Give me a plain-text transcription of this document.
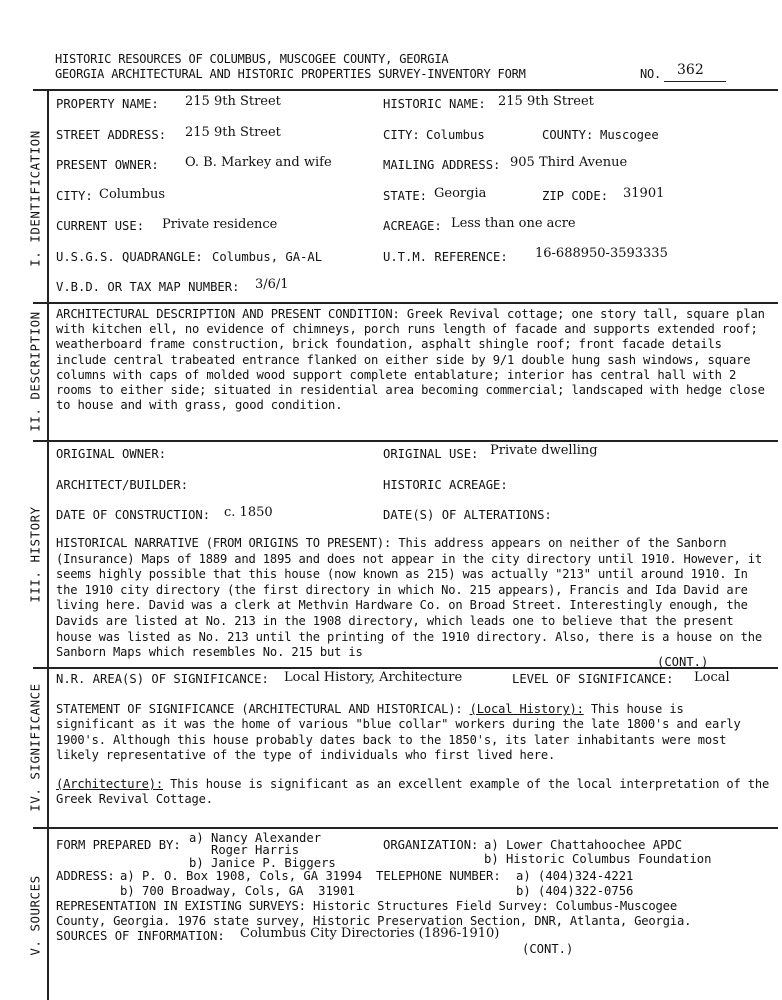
HISTORIC RESOURCES OF COLUMBUS, MUSCOGEE COUNTY, GEORGIA
GEORGIA ARCHITECTURAL AND HISTORIC PROPERTIES SURVEY-INVENTORY FORM	NO. 362
I. IDENTIFICATION
II. DESCRIPTION
III. HISTORY
IV. SIGNIFICANCE
V. SOURCES
PROPERTY NAME: 215 9th Street	HISTORIC NAME: 215 9th Street
STREET ADDRESS: 215 9th Street	CITY: Columbus	COUNTY: Muscogee
PRESENT OWNER: O. B. Markey and wife	MAILING ADDRESS: 905 Third Avenue
CITY: Columbus	STATE: Georgia	ZIP CODE: 31901
CURRENT USE: Private residence	ACREAGE: Less than one acre
U.S.G.S. QUADRANGLE: Columbus, GA-AL	U.T.M. REFERENCE: 16-688950-3593335
V.B.D. OR TAX MAP NUMBER: 3/6/1
ARCHITECTURAL DESCRIPTION AND PRESENT CONDITION: Greek Revival cottage; one story tall, square plan with kitchen ell, no evidence of chimneys, porch runs length of facade and supports extended roof; weatherboard frame construction, brick foundation, asphalt shingle roof; front facade details include central trabeated entrance flanked on either side by 9/1 double hung sash windows, square columns with caps of molded wood support complete entablature; interior has central hall with 2 rooms to either side; situated in residential area becoming commercial; landscaped with hedge close to house and with grass, good condition.
ORIGINAL OWNER:	ORIGINAL USE: Private dwelling
ARCHITECT/BUILDER:	HISTORIC ACREAGE:
DATE OF CONSTRUCTION: c. 1850	DATE(S) OF ALTERATIONS:
HISTORICAL NARRATIVE (FROM ORIGINS TO PRESENT): This address appears on neither of the Sanborn (Insurance) Maps of 1889 and 1895 and does not appear in the city directory until 1910. However, it seems highly possible that this house (now known as 215) was actually "213" until around 1910. In the 1910 city directory (the first directory in which No. 215 appears), Francis and Ida David are living here. David was a clerk at Methvin Hardware Co. on Broad Street. Interestingly enough, the Davids are listed at No. 213 in the 1908 directory, which leads one to believe that the present house was listed as No. 213 until the printing of the 1910 directory. Also, there is a house on the Sanborn Maps which resembles No. 215 but is
(CONT.)
N.R. AREA(S) OF SIGNIFICANCE: Local History, Architecture	LEVEL OF SIGNIFICANCE: Local
STATEMENT OF SIGNIFICANCE (ARCHITECTURAL AND HISTORICAL): (Local History): This house is significant as it was the home of various "blue collar" workers during the late 1800's and early 1900's. Although this house probably dates back to the 1850's, its later inhabitants were most likely representative of the type of individuals who first lived here.
(Architecture): This house is significant as an excellent example of the local interpretation of the Greek Revival Cottage.
FORM PREPARED BY: a) Nancy Alexander
Roger Harris
b) Janice P. Biggers
ORGANIZATION: a) Lower Chattahoochee APDC
b) Historic Columbus Foundation
ADDRESS: a) P. O. Box 1908, Cols, GA 31994
b) 700 Broadway, Cols, GA  31901
TELEPHONE NUMBER: a) (404)324-4221
b) (404)322-0756
REPRESENTATION IN EXISTING SURVEYS: Historic Structures Field Survey: Columbus-Muscogee
County, Georgia. 1976 state survey, Historic Preservation Section, DNR, Atlanta, Georgia.
SOURCES OF INFORMATION: Columbus City Directories (1896-1910)
(CONT.)
